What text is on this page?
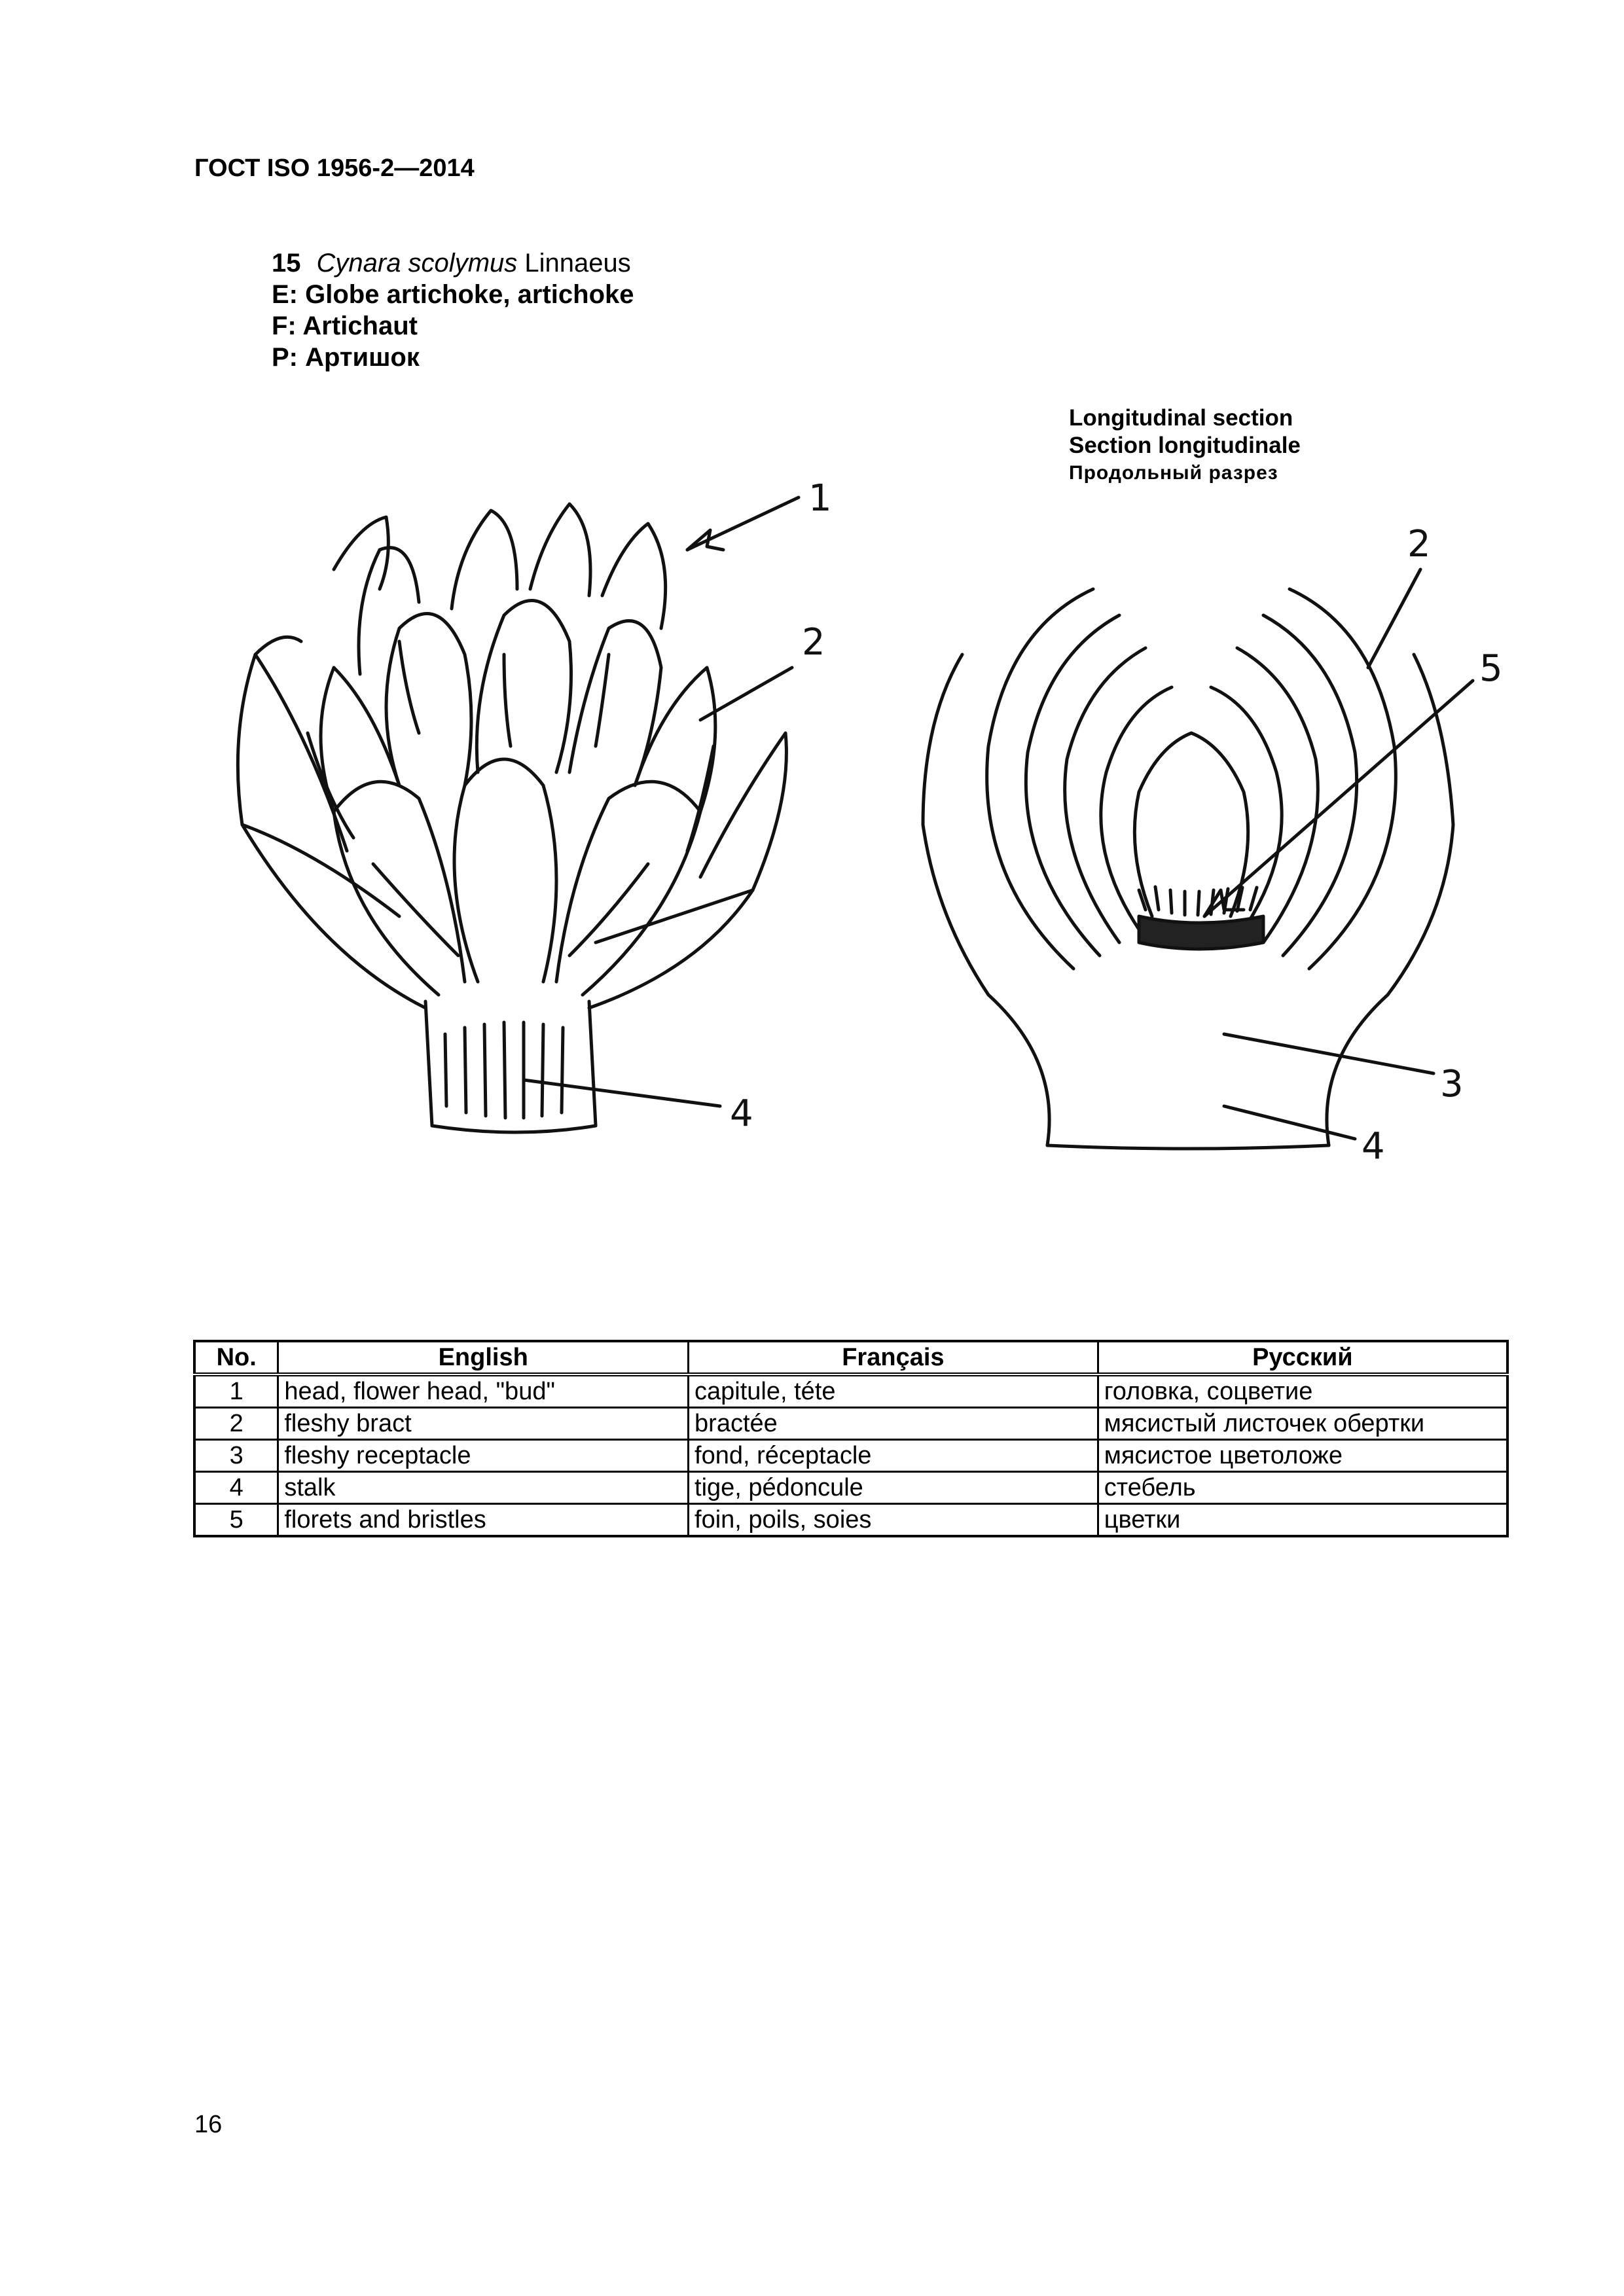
ГОСТ ISO 1956-2—2014
15 Cynara scolymus Linnaeus
E: Globe artichoke, artichoke
F: Artichaut
P: Артишок
Longitudinal section
Section longitudinale
Продольный разрез
1
2
4
2
5
3
4
No.	English	Français	Русский
1	head, flower head, "bud"	capitule, téte	головка, соцветие
2	fleshy bract	bractée	мясистый листочек обертки
3	fleshy receptacle	fond, réceptacle	мясистое цветоложе
4	stalk	tige, pédoncule	стебель
5	florets and bristles	foin, poils, soies	цветки
16
